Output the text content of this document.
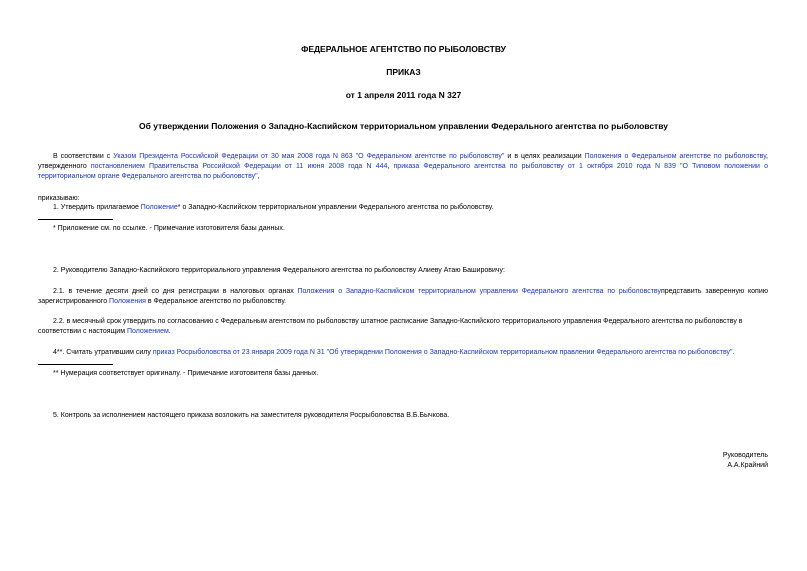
ФЕДЕРАЛЬНОЕ АГЕНТСТВО ПО РЫБОЛОВСТВУ
ПРИКАЗ
от 1 апреля 2011 года N 327
Об утверждении Положения о Западно-Каспийском территориальном управлении Федерального агентства по рыболовству
В соответствии с Указом Президента Российской Федерации от 30 мая 2008 года N 863 "О Федеральном агентстве по рыболовству" и в целях реализации Положения о Федеральном агентстве по рыболовству,
утвержденного постановлением Правительства Российской Федерации от 11 июня 2008 года N 444, приказа Федерального агентства по рыболовству от 1 октября 2010 года N 839 "О Типовом положении о
территориальном органе Федерального агентства по рыболовству",
приказываю:
1. Утвердить прилагаемое Положение* о Западно-Каспийском территориальном управлении Федерального агентства по рыболовству.
* Приложение см. по ссылке. - Примечание изготовителя базы данных.
2. Руководителю Западно-Каспийского территориального управления Федерального агентства по рыболовству Алиеву Атаю Башировичу:
2.1. в течение десяти дней со дня регистрации в налоговых органах Положения о Западно-Каспийском территориальном управлении Федерального агентства по рыболовствупредставить заверенную копию
зарегистрированного Положения в Федеральное агентство по рыболовству.
2.2. в месячный срок утвердить по согласованию с Федеральным агентством по рыболовству штатное расписание Западно-Каспийского территориального управления Федерального агентства по рыболовству в
соответствии с настоящим Положением.
4**. Считать утратившим силу приказ Росрыболовства от 23 января 2009 года N 31 "Об утверждении Положения о Западно-Каспийском территориальном правлении Федерального агентства по рыболовству".
** Нумерация соответствует оригиналу. - Примечание изготовителя базы данных.
5. Контроль за исполнением настоящего приказа возложить на заместителя руководителя Росрыболовства В.Б.Бычкова.
Руководитель
А.А.Крайний
